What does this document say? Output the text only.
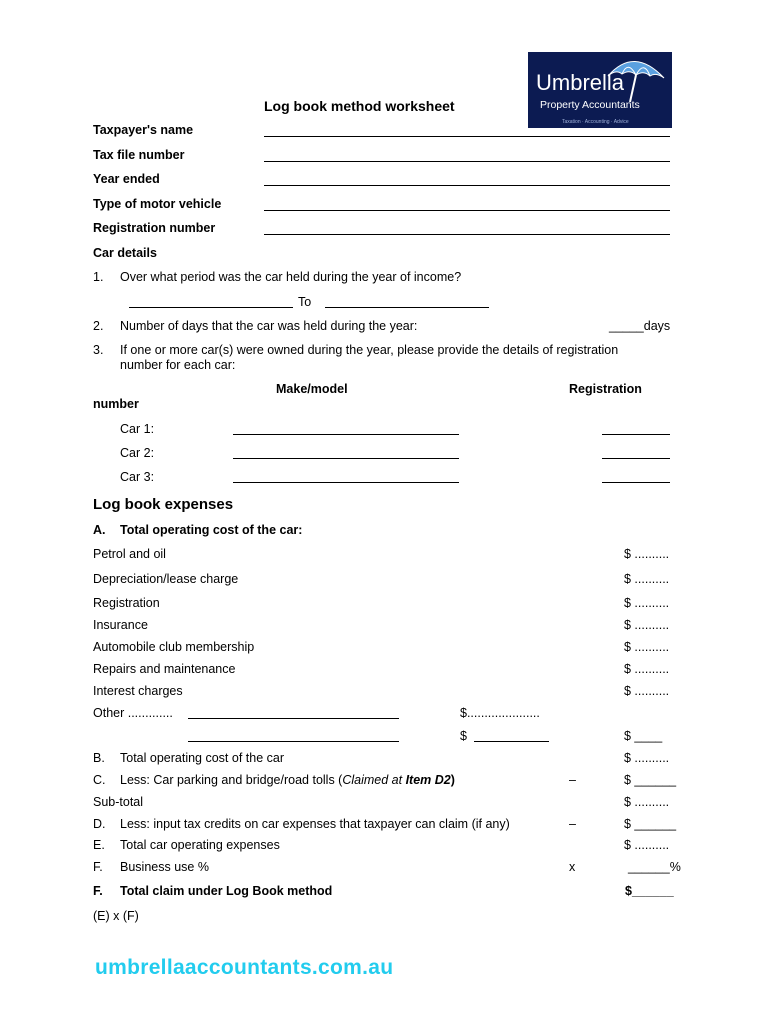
Umbrella
Property Accountants
Taxation · Accounting · Advice
Log book method worksheet
Taxpayer's name
Tax file number
Year ended
Type of motor vehicle
Registration number
Car details
1. Over what period was the car held during the year of income?
To
2. Number of days that the car was held during the year:	_____days
3. If one or more car(s) were owned during the year, please provide the details of registration
number for each car:
Make/model	Registration
number
Car 1:
Car 2:
Car 3:
Log book expenses
A. Total operating cost of the car:
Petrol and oil	$ ..........
Depreciation/lease charge	$ ..........
Registration	$ ..........
Insurance	$ ..........
Automobile club membership	$ ..........
Repairs and maintenance	$ ..........
Interest charges	$ ..........
Other .............	$.....................
$	$ ____
B. Total operating cost of the car	$ ..........
C. Less: Car parking and bridge/road tolls (Claimed at Item D2)	–	$ ______
Sub-total	$ ..........
D. Less: input tax credits on car expenses that taxpayer can claim (if any)	–	$ ______
E. Total car operating expenses	$ ..........
F. Business use %	x	______%
F. Total claim under Log Book method	$______
(E) x (F)
umbrellaaccountants.com.au
